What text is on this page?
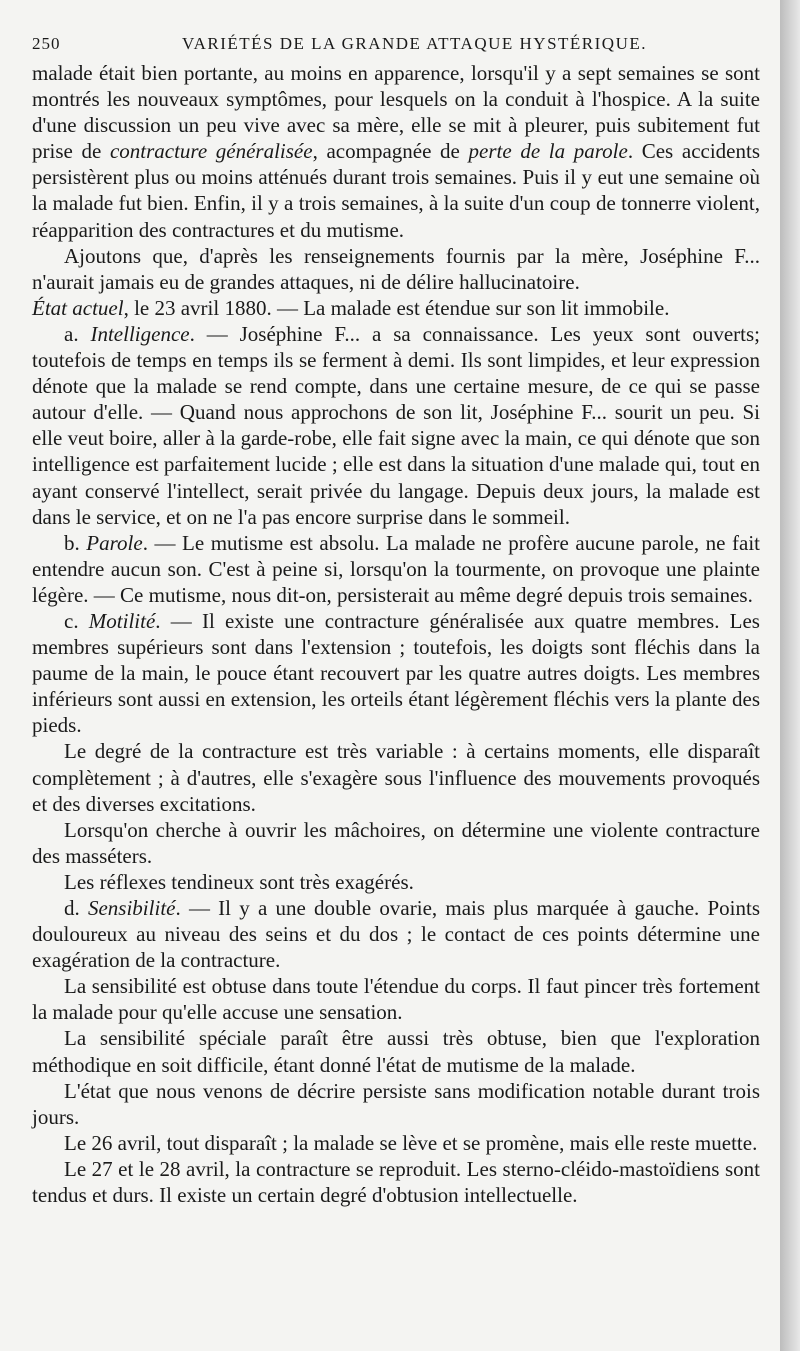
250	VARIÉTÉS DE LA GRANDE ATTAQUE HYSTÉRIQUE.

malade était bien portante, au moins en apparence, lorsqu'il y a sept semaines se sont montrés les nouveaux symptômes, pour lesquels on la conduit à l'hospice. A la suite d'une discussion un peu vive avec sa mère, elle se mit à pleurer, puis subitement fut prise de contracture généralisée, acompagnée de perte de la parole. Ces accidents persistèrent plus ou moins atténués durant trois semaines. Puis il y eut une semaine où la malade fut bien. Enfin, il y a trois semaines, à la suite d'un coup de tonnerre violent, réapparition des contractures et du mutisme.

Ajoutons que, d'après les renseignements fournis par la mère, Joséphine F... n'aurait jamais eu de grandes attaques, ni de délire hallucinatoire.

État actuel, le 23 avril 1880. — La malade est étendue sur son lit immobile.

a. Intelligence. — Joséphine F... a sa connaissance. Les yeux sont ouverts; toutefois de temps en temps ils se ferment à demi. Ils sont limpides, et leur expression dénote que la malade se rend compte, dans une certaine mesure, de ce qui se passe autour d'elle. — Quand nous approchons de son lit, Joséphine F... sourit un peu. Si elle veut boire, aller à la garde-robe, elle fait signe avec la main, ce qui dénote que son intelligence est parfaitement lucide ; elle est dans la situation d'une malade qui, tout en ayant conservé l'intellect, serait privée du langage. Depuis deux jours, la malade est dans le service, et on ne l'a pas encore surprise dans le sommeil.

b. Parole. — Le mutisme est absolu. La malade ne profère aucune parole, ne fait entendre aucun son. C'est à peine si, lorsqu'on la tourmente, on provoque une plainte légère. — Ce mutisme, nous dit-on, persisterait au même degré depuis trois semaines.

c. Motilité. — Il existe une contracture généralisée aux quatre membres. Les membres supérieurs sont dans l'extension ; toutefois, les doigts sont fléchis dans la paume de la main, le pouce étant recouvert par les quatre autres doigts. Les membres inférieurs sont aussi en extension, les orteils étant légèrement fléchis vers la plante des pieds.

Le degré de la contracture est très variable : à certains moments, elle disparaît complètement ; à d'autres, elle s'exagère sous l'influence des mouvements provoqués et des diverses excitations.

Lorsqu'on cherche à ouvrir les mâchoires, on détermine une violente contracture des masséters.

Les réflexes tendineux sont très exagérés.

d. Sensibilité. — Il y a une double ovarie, mais plus marquée à gauche. Points douloureux au niveau des seins et du dos ; le contact de ces points détermine une exagération de la contracture.

La sensibilité est obtuse dans toute l'étendue du corps. Il faut pincer très fortement la malade pour qu'elle accuse une sensation.

La sensibilité spéciale paraît être aussi très obtuse, bien que l'exploration méthodique en soit difficile, étant donné l'état de mutisme de la malade.

L'état que nous venons de décrire persiste sans modification notable durant trois jours.

Le 26 avril, tout disparaît ; la malade se lève et se promène, mais elle reste muette.

Le 27 et le 28 avril, la contracture se reproduit. Les sterno-cléido-mastoïdiens sont tendus et durs. Il existe un certain degré d'obtusion intellectuelle.
